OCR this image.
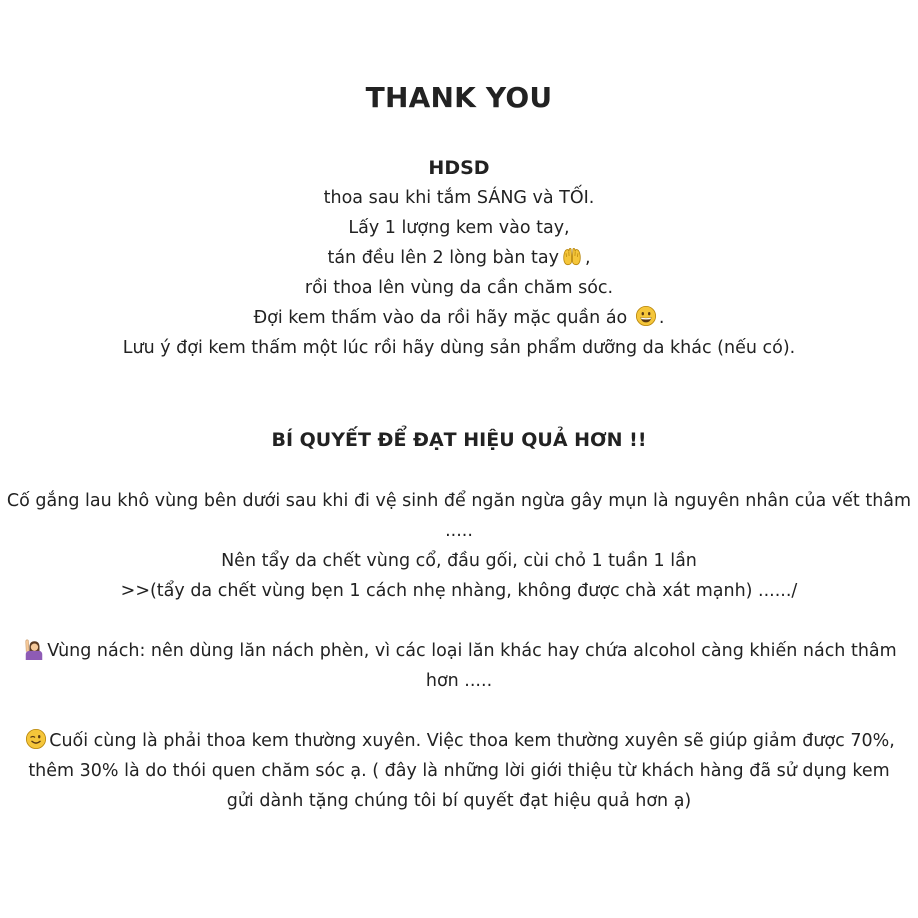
THANK YOU
HDSD
thoa sau khi tắm SÁNG và TỐI.
Lấy 1 lượng kem vào tay,
tán đều lên 2 lòng bàn tay ,
rồi thoa lên vùng da cần chăm sóc.
Đợi kem thấm vào da rồi hãy mặc quần áo .
Lưu ý đợi kem thấm một lúc rồi hãy dùng sản phẩm dưỡng da khác (nếu có).
BÍ QUYẾT ĐỂ ĐẠT HIỆU QUẢ HƠN !!
Cố gắng lau khô vùng bên dưới sau khi đi vệ sinh để ngăn ngừa gây mụn là nguyên nhân của vết thâm
.....
Nên tẩy da chết vùng cổ, đầu gối, cùi chỏ 1 tuần 1 lần
>>(tẩy da chết vùng bẹn 1 cách nhẹ nhàng, không được chà xát mạnh) ....../
Vùng nách: nên dùng lăn nách phèn, vì các loại lăn khác hay chứa alcohol càng khiến nách thâm hơn .....
Cuối cùng là phải thoa kem thường xuyên. Việc thoa kem thường xuyên sẽ giúp giảm được 70%, thêm 30% là do thói quen chăm sóc ạ. ( đây là những lời giới thiệu từ khách hàng đã sử dụng kem gửi dành tặng chúng tôi bí quyết đạt hiệu quả hơn ạ)
